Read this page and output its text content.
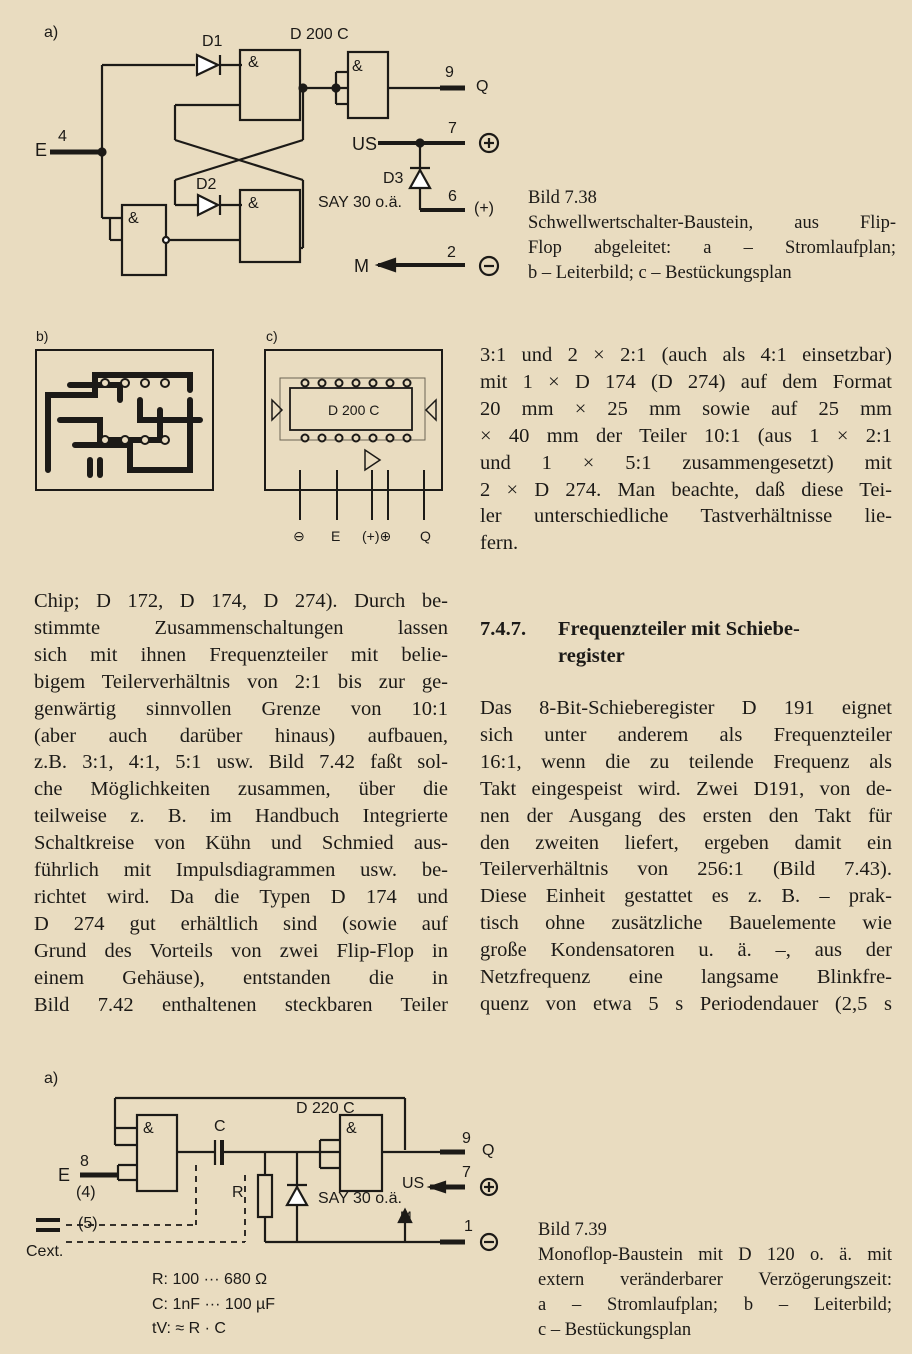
a)
D1	D 200 C
&	&
&
&
D2	D3
E
4
9
Q
US
7
SAY 30 o.ä.	6
(+)
M
2

Bild 7.38

Schwellwertschalter-Baustein, aus Flip-

Flop abgeleitet: a – Stromlaufplan;

b – Leiterbild; c – Bestückungsplan

b)	c)
D 200 C
⊖ E (+)⊕ Q
3:1 und 2 × 2:1 (auch als 4:1 einsetzbar)
mit 1 × D 174 (D 274) auf dem Format
20 mm × 25 mm sowie auf 25 mm
× 40 mm der Teiler 10:1 (aus 1 × 2:1
und 1 × 5:1 zusammengesetzt) mit
2 × D 274. Man beachte, daß diese Tei-
ler unterschiedliche Tastverhältnisse lie-
fern.
Chip; D 172, D 174, D 274). Durch be-
stimmte Zusammenschaltungen lassen
sich mit ihnen Frequenzteiler mit belie-
bigem Teilerverhältnis von 2:1 bis zur ge-
genwärtig sinnvollen Grenze von 10:1
(aber auch darüber hinaus) aufbauen,
z.B. 3:1, 4:1, 5:1 usw. Bild 7.42 faßt sol-
che Möglichkeiten zusammen, über die
teilweise z. B. im Handbuch Integrierte
Schaltkreise von Kühn und Schmied aus-
führlich mit Impulsdiagrammen usw. be-
richtet wird. Da die Typen D 174 und
D 274 gut erhältlich sind (sowie auf
Grund des Vorteils von zwei Flip-Flop in
einem Gehäuse), entstanden die in
Bild 7.42 enthaltenen steckbaren Teiler
7.4.7. Frequenzteiler mit Schiebe-
register
Das 8-Bit-Schieberegister D 191 eignet
sich unter anderem als Frequenzteiler
16:1, wenn die zu teilende Frequenz als
Takt eingespeist wird. Zwei D191, von de-
nen der Ausgang des ersten den Takt für
den zweiten liefert, ergeben damit ein
Teilerverhältnis von 256:1 (Bild 7.43).
Diese Einheit gestattet es z. B. – prak-
tisch ohne zusätzliche Bauelemente wie
große Kondensatoren u. ä. –, aus der
Netzfrequenz eine langsame Blinkfre-
quenz von etwa 5 s Periodendauer (2,5 s
a)
D 220 C
&	&
C
R
E
8
(4)
(5)
Cext.
9
Q
US
7
SAY 30 o.ä.
M
1
R: 100 ··· 680 Ω
C: 1nF ··· 100 µF
tV: ≈ R · C

Bild 7.39

Monoflop-Baustein mit D 120 o. ä. mit

extern veränderbarer Verzögerungszeit:

a – Stromlaufplan; b – Leiterbild;

c – Bestückungsplan
